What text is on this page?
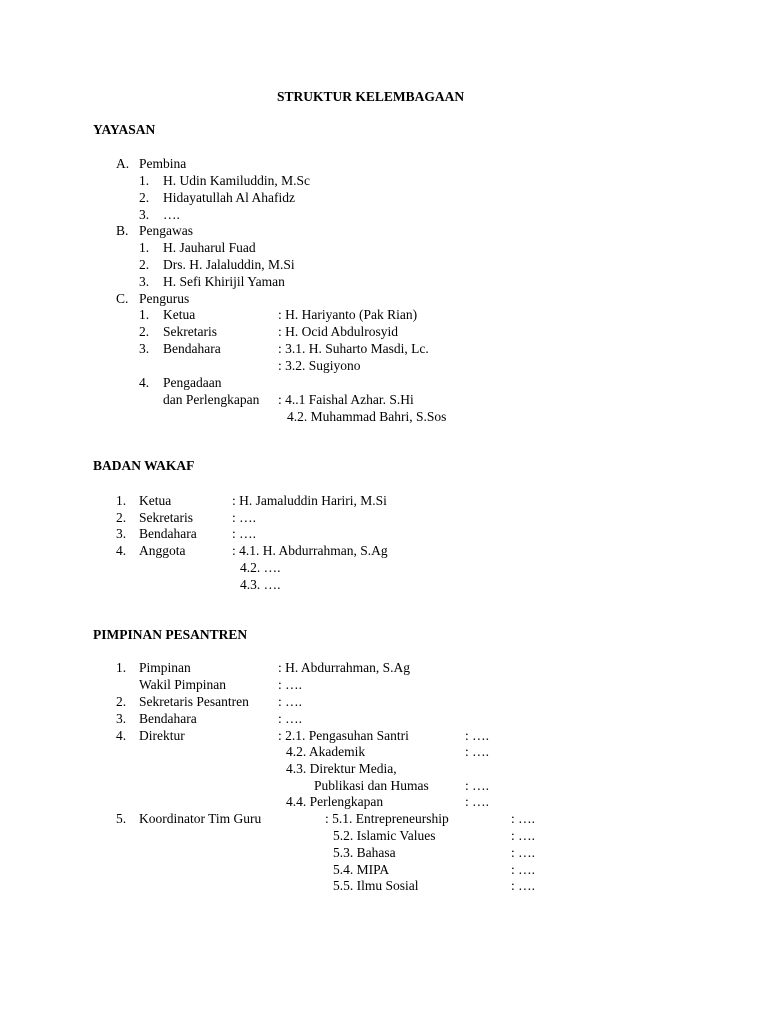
STRUKTUR KELEMBAGAAN
YAYASAN
A. Pembina
1. H. Udin Kamiluddin, M.Sc
2. Hidayatullah Al Ahafidz
3. ….
B. Pengawas
1. H. Jauharul Fuad
2. Drs. H. Jalaluddin, M.Si
3. H. Sefi Khirijil Yaman
C. Pengurus
1. Ketua	: H. Hariyanto (Pak Rian)
2. Sekretaris	: H. Ocid Abdulrosyid
3. Bendahara	: 3.1. H. Suharto Masdi, Lc.
: 3.2. Sugiyono
4. Pengadaan
dan Perlengkapan : 4..1 Faishal Azhar. S.Hi
4.2. Muhammad Bahri, S.Sos
BADAN WAKAF
1. Ketua	: H. Jamaluddin Hariri, M.Si
2. Sekretaris	: ….
3. Bendahara	: ….
4. Anggota	: 4.1. H. Abdurrahman, S.Ag
4.2. ….
4.3. ….
PIMPINAN PESANTREN
1. Pimpinan	: H. Abdurrahman, S.Ag
Wakil Pimpinan	: ….
2. Sekretaris Pesantren : ….
3. Bendahara	: ….
4. Direktur	: 2.1. Pengasuhan Santri	: ….
4.2. Akademik	: ….
4.3. Direktur Media,
Publikasi dan Humas	: ….
4.4. Perlengkapan	: ….
5. Koordinator Tim Guru	: 5.1. Entrepreneurship	: ….
5.2. Islamic Values	: ….
5.3. Bahasa	: ….
5.4. MIPA	: ….
5.5. Ilmu Sosial	: ….
